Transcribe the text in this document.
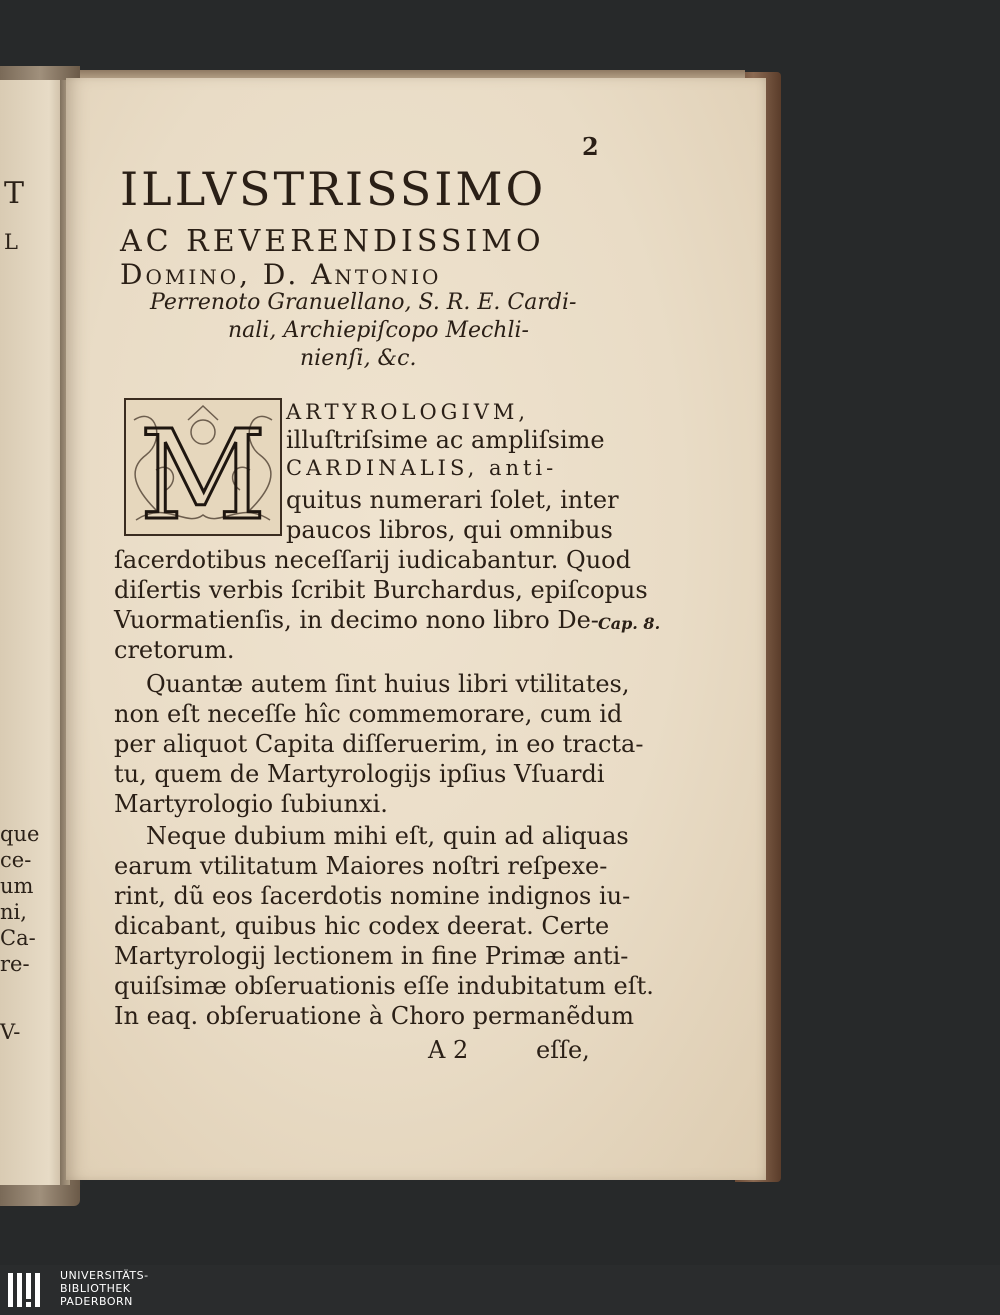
T
L
que
ce-
um
ni,
Ca-
re-
V-
2
ILLVSTRISSIMO
AC REVERENDISSIMO
Domino, D. Antonio
Perrenoto Granuellano, S. R. E. Cardi-
nali, Archiepiſcopo Mechli-
nienſi, &c.
M ARTYROLOGIVM,
illuſtriſsime ac ampliſsime
CARDINALIS, anti-
quitus numerari ſolet, inter
paucos libros, qui omnibus
ſacerdotibus neceſſarij iudicabantur. Quod
diſertis verbis ſcribit Burchardus, epiſcopus
Vuormatienſis, in decimo nono libro De-
cretorum.
Quantæ autem ſint huius libri vtilitates,
non eſt neceſſe hîc commemorare, cum id
per aliquot Capita diſſeruerim, in eo tracta-
tu, quem de Martyrologijs ipſius Vſuardi
Martyrologio ſubiunxi.
Neque dubium mihi eſt, quin ad aliquas
earum vtilitatum Maiores noſtri reſpexe-
rint, dũ eos ſacerdotis nomine indignos iu-
dicabant, quibus hic codex deerat. Certe
Martyrologij lectionem in fine Primæ anti-
quiſsimæ obſeruationis eſſe indubitatum eſt.
In eaq. obſeruatione à Choro permanẽdum
Cap. 8.
A 2	eſſe,
UNIVERSITÄTS-
BIBLIOTHEK
PADERBORN
